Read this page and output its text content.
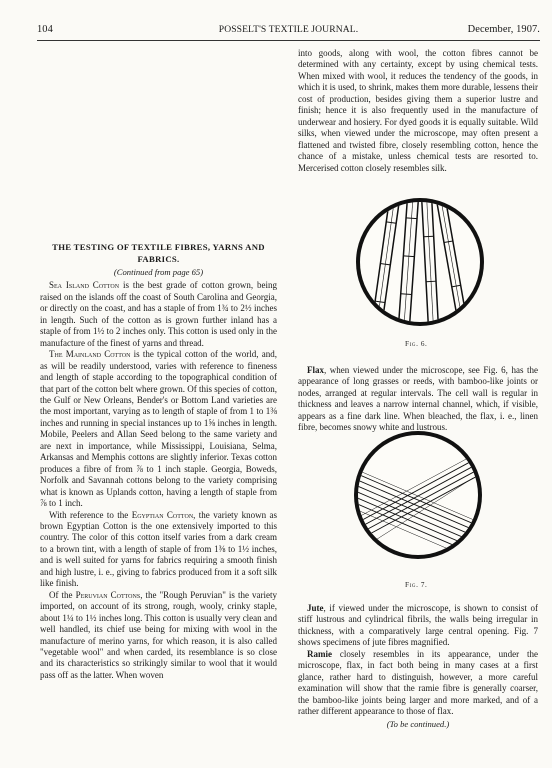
104	POSSELT'S TEXTILE JOURNAL.	December, 1907.

into goods, along with wool, the cotton fibres cannot be determined with any certainty, except by using chemical tests. When mixed with wool, it reduces the tendency of the goods, in which it is used, to shrink, makes them more durable, lessens their cost of production, besides giving them a superior lustre and finish; hence it is also frequently used in the manufacture of underwear and hosiery. For dyed goods it is equally suitable. Wild silks, when viewed under the microscope, may often present a flattened and twisted fibre, closely resembling cotton, hence the chance of a mistake, unless chemical tests are resorted to. Mercerised cotton closely resembles silk.

THE TESTING OF TEXTILE FIBRES, YARNS AND FABRICS.
(Continued from page 65)

Sea Island Cotton is the best grade of cotton grown, being raised on the islands off the coast of South Carolina and Georgia, or directly on the coast, and has a staple of from 1¾ to 2½ inches in length. Such of the cotton as is grown further inland has a staple of from 1½ to 2 inches only. This cotton is used only in the manufacture of the finest of yarns and thread.

The Mainland Cotton is the typical cotton of the world, and, as will be readily understood, varies with reference to fineness and length of staple according to the topographical condition of that part of the cotton belt where grown. Of this species of cotton, the Gulf or New Orleans, Bender's or Bottom Land varieties are the most important, varying as to length of staple of from 1 to 1⅜ inches and running in special instances up to 1⅝ inches in length. Mobile, Peelers and Allan Seed belong to the same variety and are next in importance, while Mississippi, Louisiana, Selma, Arkansas and Memphis cottons are slightly inferior. Texas cotton produces a fibre of from ⅞ to 1 inch staple. Georgia, Boweds, Norfolk and Savannah cottons belong to the variety comprising what is known as Uplands cotton, having a length of staple from ⅞ to 1 inch.

With reference to the Egyptian Cotton, the variety known as brown Egyptian Cotton is the one extensively imported to this country. The color of this cotton itself varies from a dark cream to a brown tint, with a length of staple of from 1⅜ to 1½ inches, and is well suited for yarns for fabrics requiring a smooth finish and high lustre, i. e., giving to fabrics produced from it a soft silk like finish.

Of the Peruvian Cottons, the "Rough Peruvian" is the variety imported, on account of its strong, rough, wooly, crinky staple, about 1¼ to 1½ inches long. This cotton is usually very clean and well handled, its chief use being for mixing with wool in the manufacture of merino yarns, for which reason, it is also called "vegetable wool" and when carded, its resemblance is so close and its characteristics so strikingly similar to wool that it would pass off as the latter. When woven

Fig. 6.

Flax, when viewed under the microscope, see Fig. 6, has the appearance of long grasses or reeds, with bamboo-like joints or nodes, arranged at regular intervals. The cell wall is regular in thickness and leaves a narrow internal channel, which, if visible, appears as a fine dark line. When bleached, the flax, i. e., linen fibre, becomes snowy white and lustrous.

Fig. 7.

Jute, if viewed under the microscope, is shown to consist of stiff lustrous and cylindrical fibrils, the walls being irregular in thickness, with a comparatively large central opening. Fig. 7 shows specimens of jute fibres magnified.

Ramie closely resembles in its appearance, under the microscope, flax, in fact both being in many cases at a first glance, rather hard to distinguish, however, a more careful examination will show that the ramie fibre is generally coarser, the bamboo-like joints being larger and more marked, and of a rather different appearance to those of flax.

(To be continued.)
